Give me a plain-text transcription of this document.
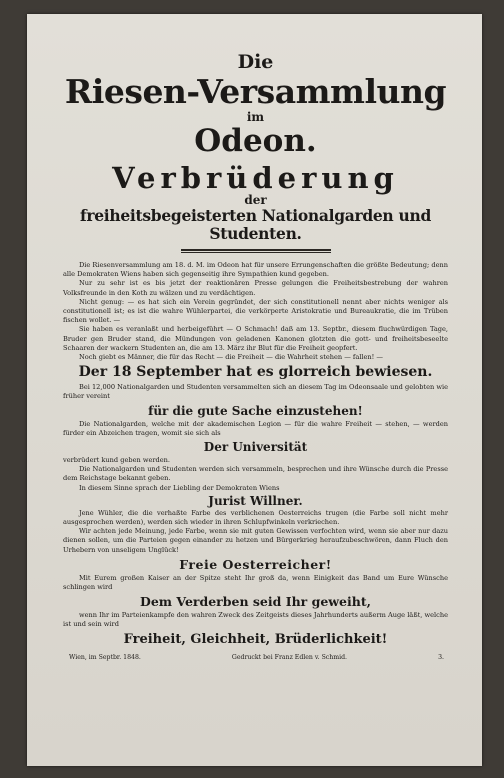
Die
Riesen-Versammlung
im
Odeon.
Verbrüderung
der
freiheitsbegeisterten Nationalgarden und Studenten.

Die Riesenversammlung am 18. d. M. im Odeon hat für unsere Errungenschaften die größte Bedeutung; denn alle Demokraten Wiens haben sich gegenseitig ihre Sympathien kund gegeben.

Nur zu sehr ist es bis jetzt der reaktionären Presse gelungen die Freiheitsbestrebung der wahren Volksfreunde in den Koth zu wälzen und zu verdächtigen.

Nicht genug: — es hat sich ein Verein gegründet, der sich constitutionell nennt aber nichts weniger als constitutionell ist; es ist die wahre Wühlerpartei, die verkörperte Aristokratie und Bureaukratie, die im Trüben fischen wollet. —

Sie haben es veranlaßt und herbeigeführt — O Schmach! daß am 13. Septbr., diesem fluchwürdigen Tage, Bruder gen Bruder stand, die Mündungen von geladenen Kanonen glotzten die gott- und freiheitsbeseelte Schaaren der wackern Studenten an, die am 13. März ihr Blut für die Freiheit geopfert.

Noch giebt es Männer, die für das Recht — die Freiheit — die Wahrheit stehen — fallen! —

Der 18 September hat es glorreich bewiesen.

Bei 12,000 Nationalgarden und Studenten versammelten sich an diesem Tag im Odeonsaale und gelobten wie früher vereint

für die gute Sache einzustehen!

Die Nationalgarden, welche mit der akademischen Legion — für die wahre Freiheit — stehen, — werden fürder ein Abzeichen tragen, womit sie sich als

Der Universität

verbrüdert kund geben werden.

Die Nationalgarden und Studenten werden sich versammeln, besprechen und ihre Wünsche durch die Presse dem Reichstage bekannt geben.

In diesem Sinne sprach der Liebling der Demokraten Wiens

Jurist Willner.

Jene Wühler, die die verhaßte Farbe des verblichenen Oesterreichs trugen (die Farbe soll nicht mehr ausgesprochen werden), werden sich wieder in ihren Schlupfwinkeln verkriechen.

Wir achten jede Meinung, jede Farbe, wenn sie mit guten Gewissen verfochten wird, wenn sie aber nur dazu dienen sollen, um die Parteien gegen einander zu hetzen und Bürgerkrieg heraufzubeschwören, dann Fluch den Urhebern von unseligem Unglück!

Freie Oesterreicher!

Mit Eurem großen Kaiser an der Spitze steht Ihr groß da, wenn Einigkeit das Band um Eure Wünsche schlingen wird

Dem Verderben seid Ihr geweiht,

wenn Ihr im Parteienkampfe den wahren Zweck des Zeitgeists dieses Jahrhunderts außerm Auge läßt, welche ist und sein wird

Freiheit, Gleichheit, Brüderlichkeit!
Wien, im Septbr. 1848.	Gedruckt bei Franz Edlen v. Schmid.	3.
